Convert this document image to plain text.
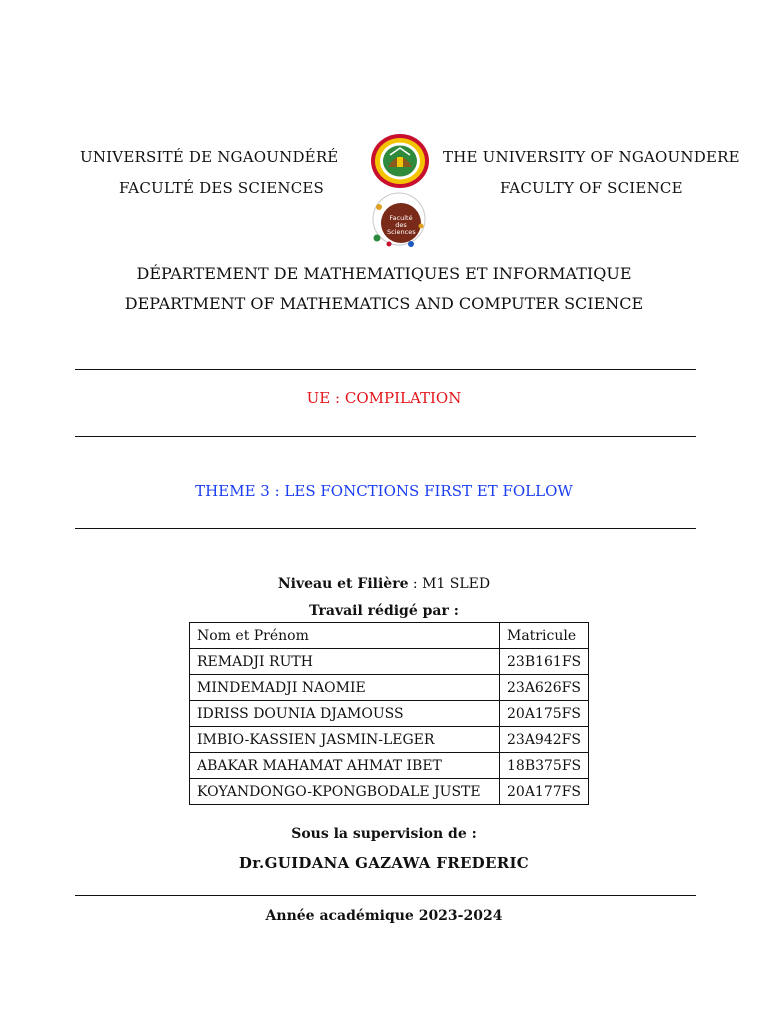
UNIVERSITÉ DE NGAOUNDÉRÉ
FACULTÉ DES SCIENCES
THE UNIVERSITY OF NGAOUNDERE
FACULTY OF SCIENCE
Faculté des
Sciences
DÉPARTEMENT DE MATHEMATIQUES ET INFORMATIQUE
DEPARTMENT OF MATHEMATICS AND COMPUTER SCIENCE
UE : COMPILATION
THEME 3 : LES FONCTIONS FIRST ET FOLLOW
Niveau et Filière : M1 SLED
Travail rédigé par :
Nom et Prénom	Matricule
REMADJI RUTH	23B161FS
MINDEMADJI NAOMIE	23A626FS
IDRISS DOUNIA DJAMOUSS	20A175FS
IMBIO-KASSIEN JASMIN-LEGER	23A942FS
ABAKAR MAHAMAT AHMAT IBET	18B375FS
KOYANDONGO-KPONGBODALE JUSTE	20A177FS
Sous la supervision de :
Dr.GUIDANA GAZAWA FREDERIC
Année académique 2023-2024
